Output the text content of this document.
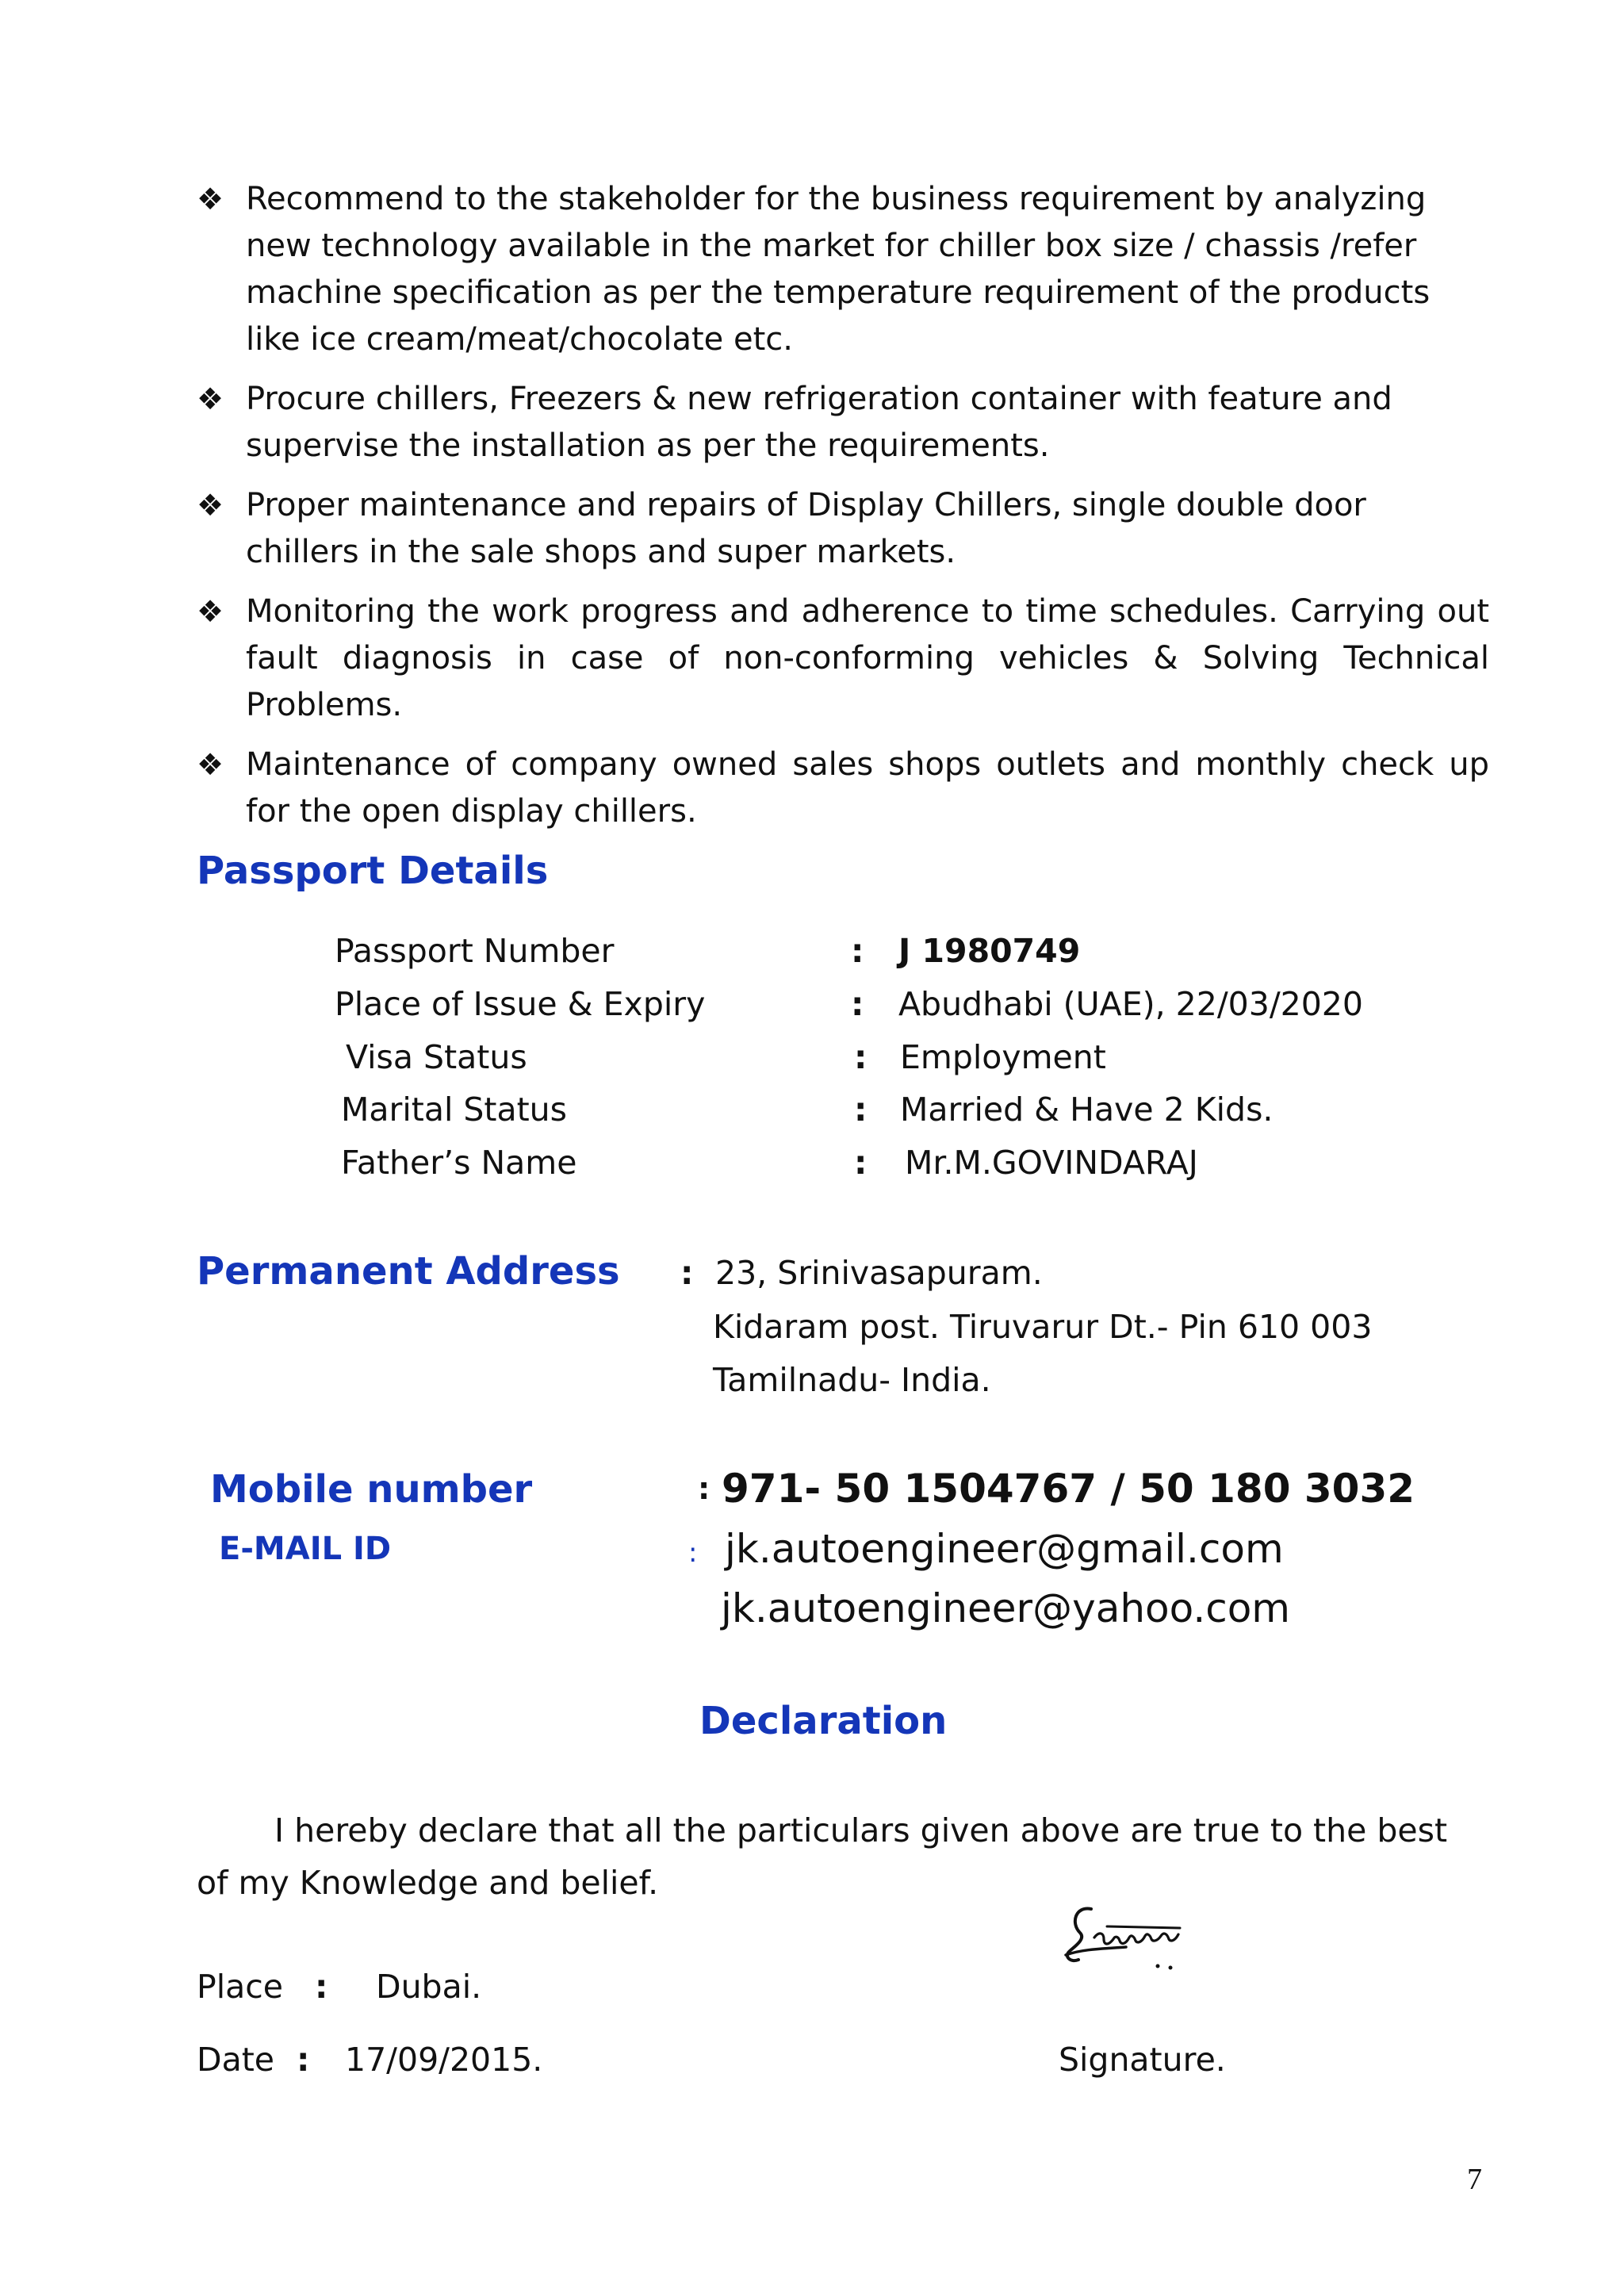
❖ Recommend to the stakeholder for the business requirement by analyzing new technology available in the market for chiller box size / chassis /refer machine specification as per the temperature requirement of the products like ice cream/meat/chocolate etc.
❖ Procure chillers, Freezers & new refrigeration container with feature and supervise the installation as per the requirements.
❖ Proper maintenance and repairs of Display Chillers, single double door chillers in the sale shops and super markets.
❖ Monitoring the work progress and adherence to time schedules. Carrying out fault diagnosis in case of non-conforming vehicles & Solving Technical Problems.
❖ Maintenance of company owned sales shops outlets and monthly check up for the open display chillers.
Passport Details
Passport Number	: J 1980749
Place of Issue & Expiry	: Abudhabi (UAE), 22/03/2020
Visa Status	: Employment
Marital Status	: Married & Have 2 Kids.
Father’s Name	: Mr.M.GOVINDARAJ
Permanent Address : 23, Srinivasapuram.
Kidaram post. Tiruvarur Dt.- Pin 610 003
Tamilnadu- India.
Mobile number	: 971- 50 1504767 / 50 180 3032
E-MAIL ID	: jk.autoengineer@gmail.com
jk.autoengineer@yahoo.com
Declaration
I hereby declare that all the particulars given above are true to the best of my Knowledge and belief.
Place : Dubai.
Date : 17/09/2015.	Signature.
7
